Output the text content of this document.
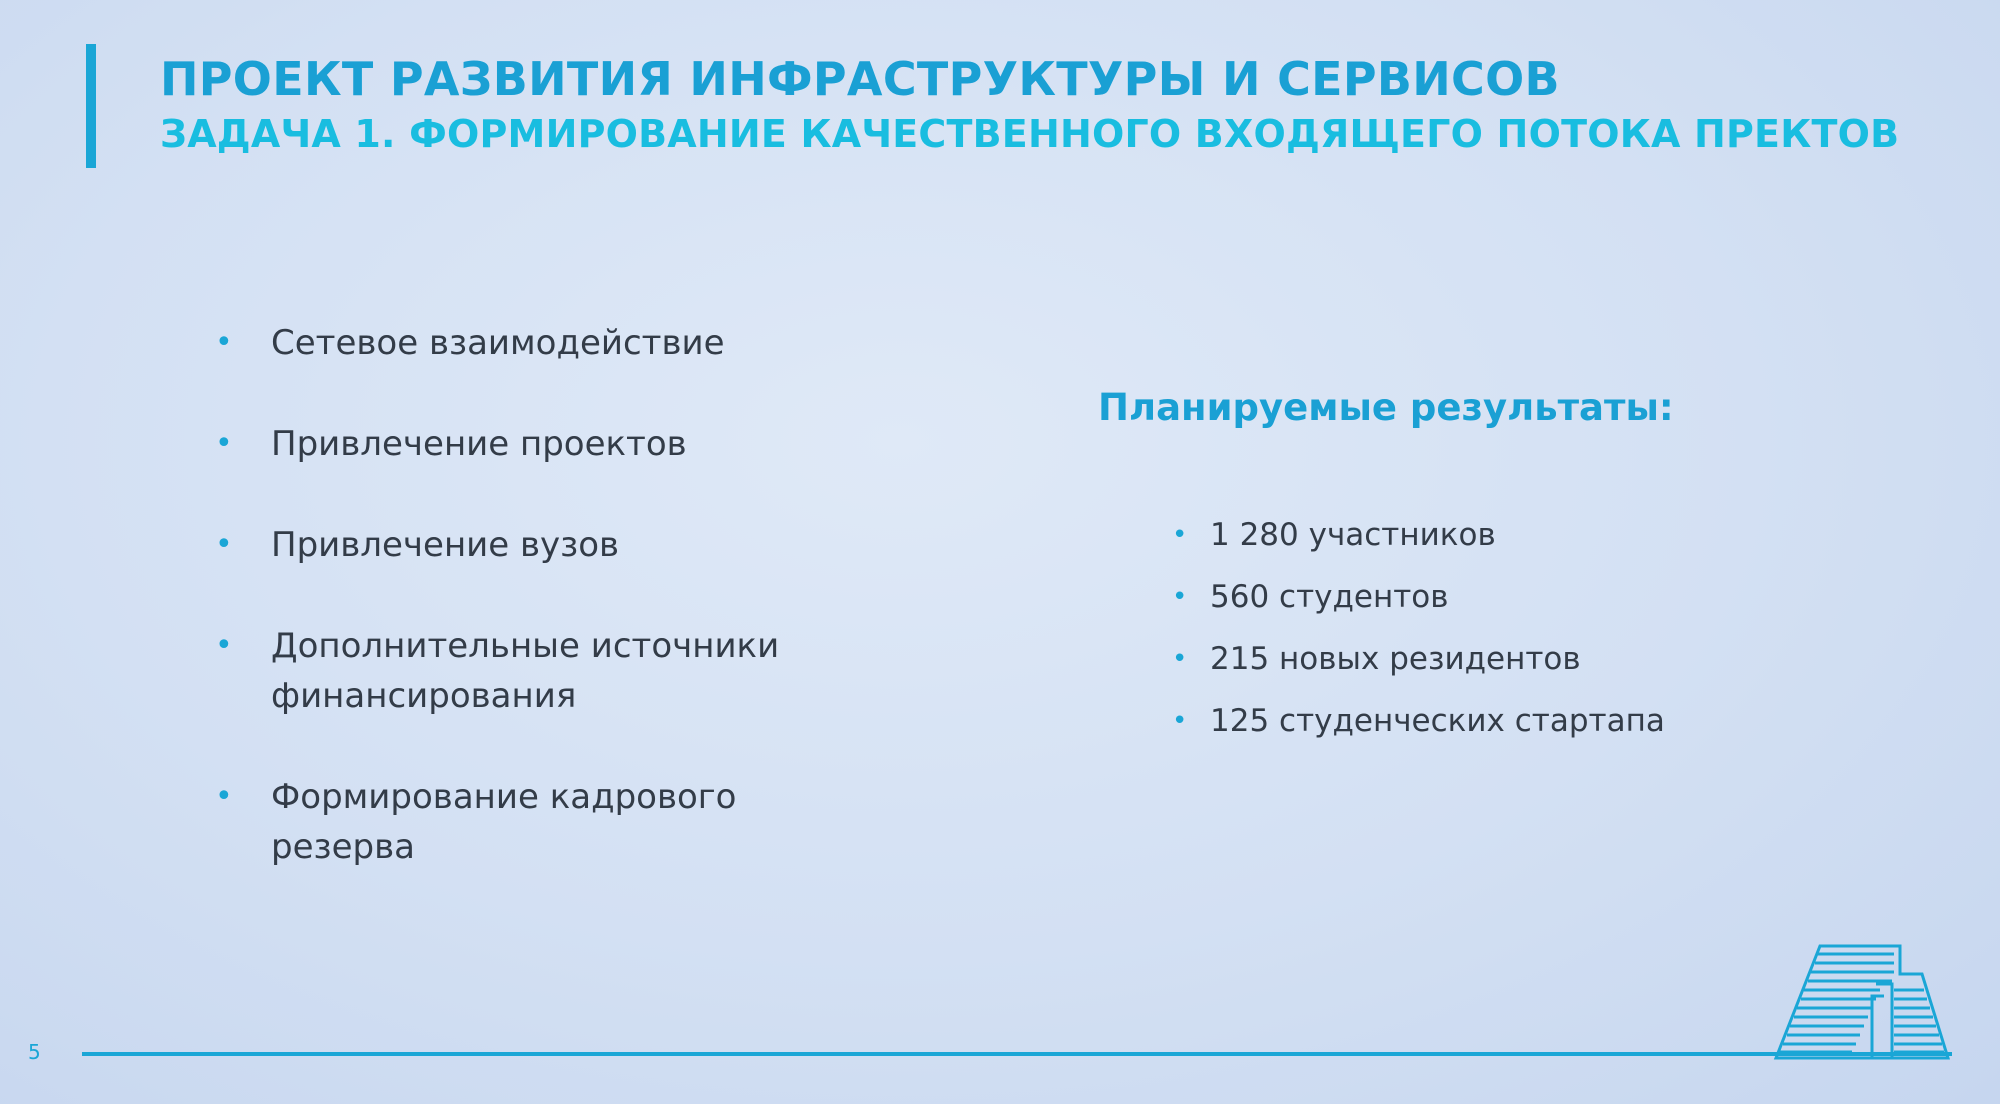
ПРОЕКТ РАЗВИТИЯ ИНФРАСТРУКТУРЫ И СЕРВИСОВ
ЗАДАЧА 1. ФОРМИРОВАНИЕ КАЧЕСТВЕННОГО ВХОДЯЩЕГО ПОТОКА ПРЕКТОВ
• Сетевое взаимодействие
• Привлечение проектов
• Привлечение вузов
• Дополнительные источники финансирования
• Формирование кадрового резерва
Планируемые результаты:
• 1 280 участников
• 560 студентов
• 215 новых резидентов
• 125 студенческих стартапа
5
